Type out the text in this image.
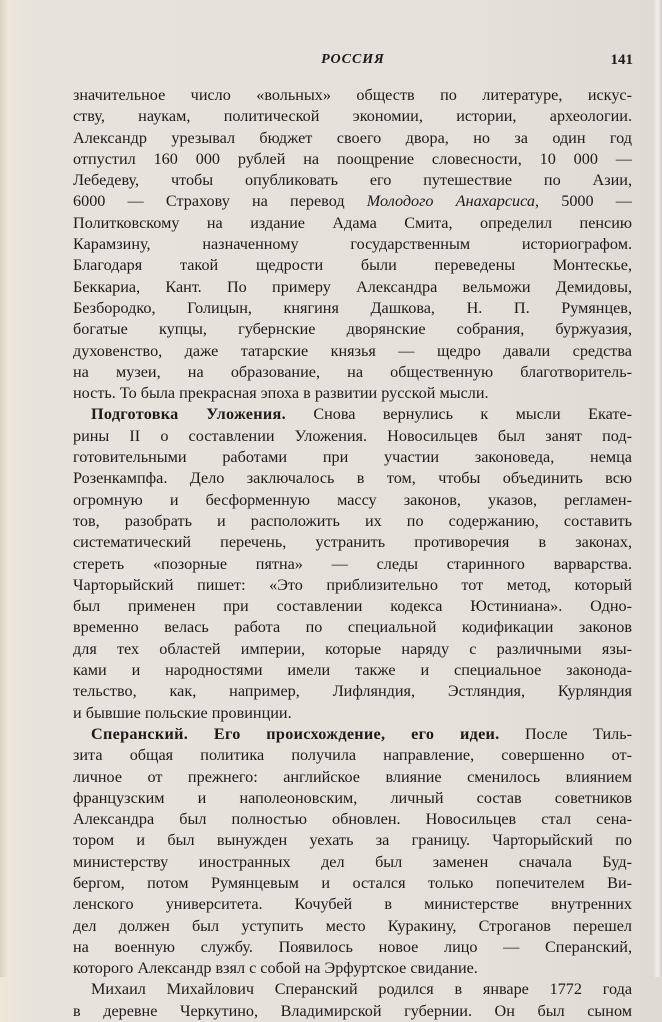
РОССИЯ	141
значительное число «вольных» обществ по литературе, искус-
ству, наукам, политической экономии, истории, археологии.
Александр урезывал бюджет своего двора, но за один год
отпустил 160 000 рублей на поощрение словесности, 10 000 —
Лебедеву, чтобы опубликовать его путешествие по Азии,
6000 — Страхову на перевод Молодого Анахарсиса, 5000 —
Политковскому на издание Адама Смита, определил пенсию
Карамзину, назначенному государственным историографом.
Благодаря такой щедрости были переведены Монтескье,
Беккариа, Кант. По примеру Александра вельможи Демидовы,
Безбородко, Голицын, княгиня Дашкова, Н. П. Румянцев,
богатые купцы, губернские дворянские собрания, буржуазия,
духовенство, даже татарские князья — щедро давали средства
на музеи, на образование, на общественную благотворитель-
ность. То была прекрасная эпоха в развитии русской мысли.
Подготовка Уложения. Снова вернулись к мысли Екате-
рины II о составлении Уложения. Новосильцев был занят под-
готовительными работами при участии законоведа, немца
Розенкампфа. Дело заключалось в том, чтобы объединить всю
огромную и бесформенную массу законов, указов, регламен-
тов, разобрать и расположить их по содержанию, составить
систематический перечень, устранить противоречия в законах,
стереть «позорные пятна» — следы старинного варварства.
Чарторыйский пишет: «Это приблизительно тот метод, который
был применен при составлении кодекса Юстиниана». Одно-
временно велась работа по специальной кодификации законов
для тех областей империи, которые наряду с различными язы-
ками и народностями имели также и специальное законода-
тельство, как, например, Лифляндия, Эстляндия, Курляндия
и бывшие польские провинции.
Сперанский. Его происхождение, его идеи. После Тиль-
зита общая политика получила направление, совершенно от-
личное от прежнего: английское влияние сменилось влиянием
французским и наполеоновским, личный состав советников
Александра был полностью обновлен. Новосильцев стал сена-
тором и был вынужден уехать за границу. Чарторыйский по
министерству иностранных дел был заменен сначала Буд-
бергом, потом Румянцевым и остался только попечителем Ви-
ленского университета. Кочубей в министерстве внутренних
дел должен был уступить место Куракину, Строганов перешел
на военную службу. Появилось новое лицо — Сперанский,
которого Александр взял с собой на Эрфуртское свидание.
Михаил Михайлович Сперанский родился в январе 1772 года
в деревне Черкутино, Владимирской губернии. Он был сыном
